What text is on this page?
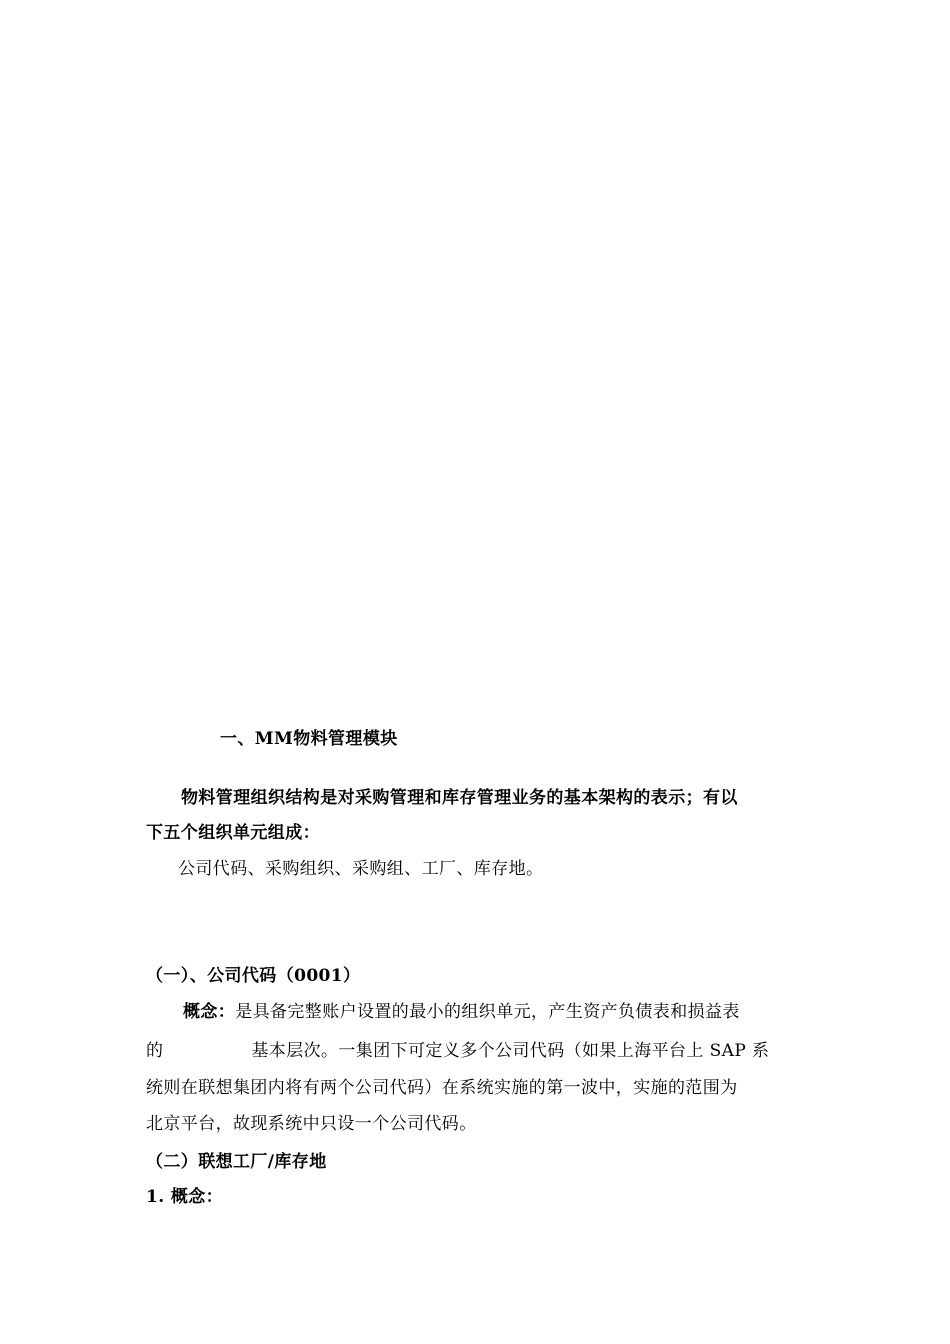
一、MM物料管理模块
物料管理组织结构是对采购管理和库存管理业务的基本架构的表示；有以
下五个组织单元组成：
公司代码、采购组织、采购组、工厂、库存地。
（一）、公司代码（0001）
概念：是具备完整账户设置的最小的组织单元，产生资产负债表和损益表
的	基本层次。一集团下可定义多个公司代码（如果上海平台上 SAP 系
统则在联想集团内将有两个公司代码）在系统实施的第一波中，实施的范围为
北京平台，故现系统中只设一个公司代码。
（二）联想工厂/库存地
1. 概念：
